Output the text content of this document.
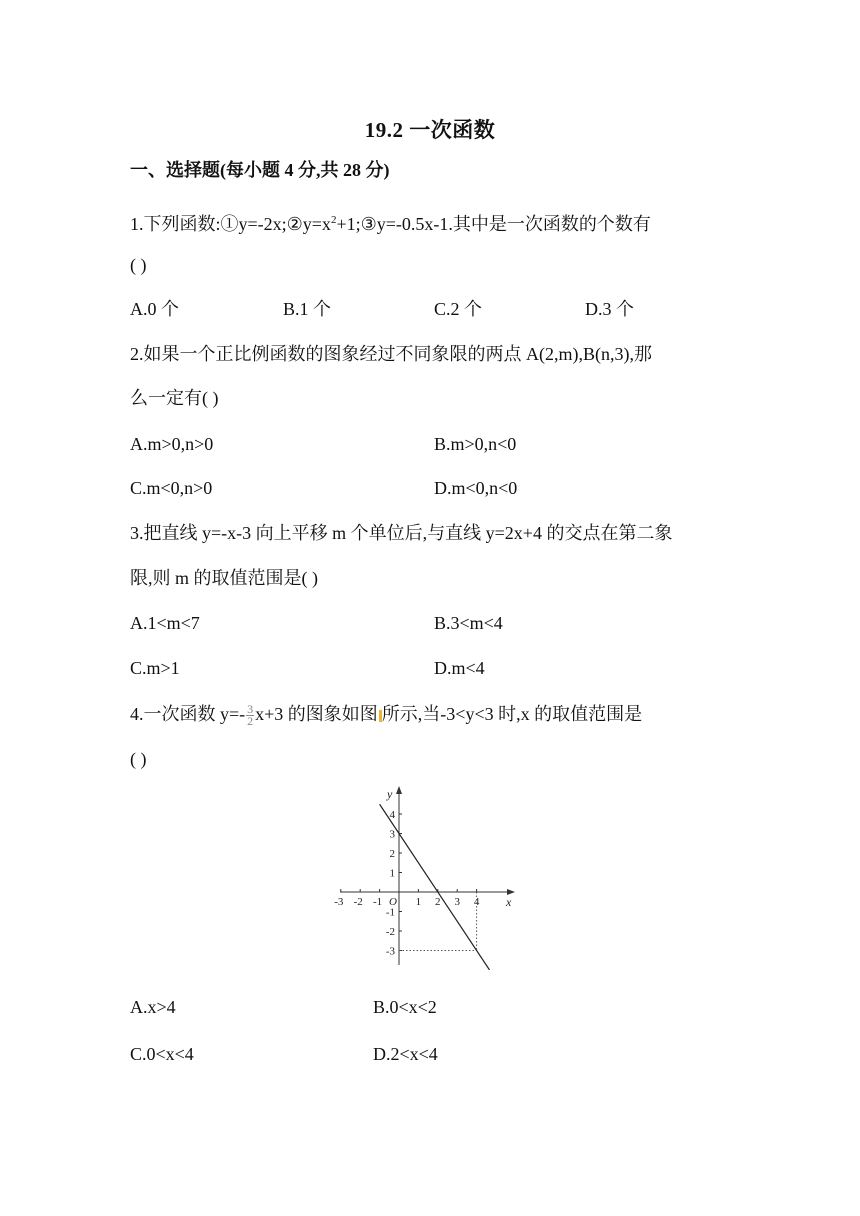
19.2 一次函数
一、选择题(每小题 4 分,共 28 分)
1.下列函数$:①y=-2x;②y=x^2+1;③y=-0.5x-1$.其中是一次函数的个数有
( )
A.0 个	B.1 个	C.2 个	D.3 个
2.如果一个正比例函数的图象经过不同象限的两点 A(2,m),B(n,3),那
么一定有( )
A.m>0,n>0	B.m>0,n<0
C.m<0,n>0	D.m<0,n<0
3.把直线 y=-x-3 向上平移 m 个单位后,与直线 y=2x+4 的交点在第二象
限,则 m 的取值范围是( )
A.1<m<7	B.3<m<4
C.m>1	D.m<4
4.一次函数 $y=- \frac{3}{2} x+3$ 的图象如图 所示,当-3<y<3 时,x 的取值范围是
( )
-3 -2 -1	1 2 3 4
4
3
2
1
-1
-2
-3
O	x
y
A.x>4	B.0<x<2
C.0<x<4	D.2<x<4
